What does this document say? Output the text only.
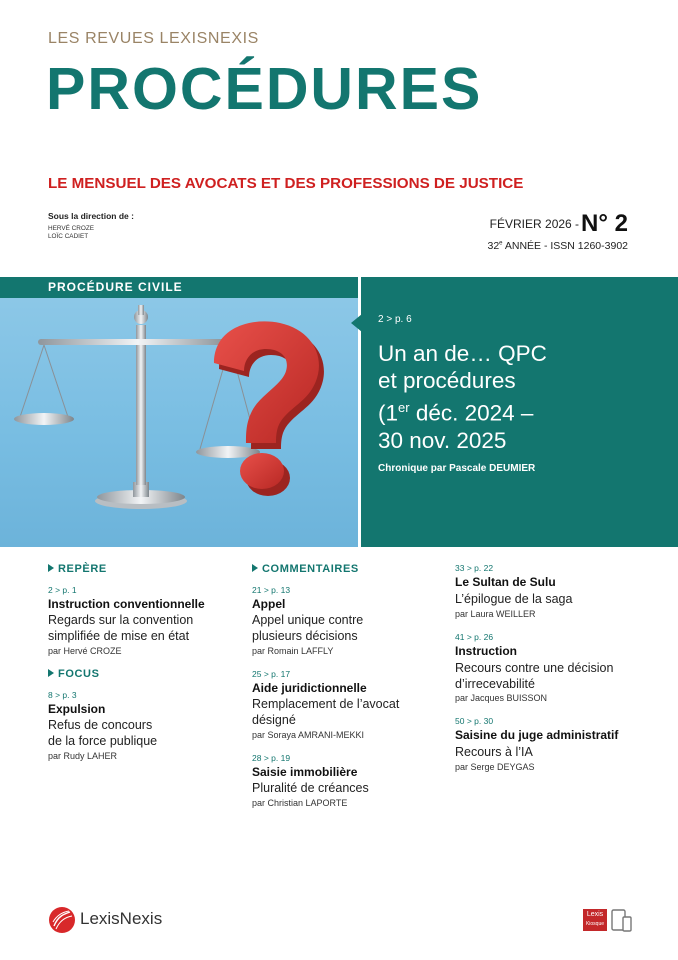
LES REVUES LEXISNEXIS
PROCÉDURES
LE MENSUEL DES AVOCATS ET DES PROFESSIONS DE JUSTICE
Sous la direction de :
HERVÉ CROZE
LOÏC CADIET
FÉVRIER 2026 -N° 2
32e ANNÉE - ISSN 1260-3902
PROCÉDURE CIVILE
2 > p. 6
Un an de… QPC
et procédures
(1er déc. 2024 –
30 nov. 2025
Chronique par Pascale DEUMIER
REPÈRE
2 > p. 1
Instruction conventionnelle
Regards sur la convention
simplifiée de mise en état
par Hervé CROZE
FOCUS
8 > p. 3
Expulsion
Refus de concours
de la force publique
par Rudy LAHER
COMMENTAIRES
21 > p. 13
Appel
Appel unique contre
plusieurs décisions
par Romain LAFFLY
25 > p. 17
Aide juridictionnelle
Remplacement de l’avocat
désigné
par Soraya AMRANI-MEKKI
28 > p. 19
Saisie immobilière
Pluralité de créances
par Christian LAPORTE
33 > p. 22
Le Sultan de Sulu
L’épilogue de la saga
par Laura WEILLER
41 > p. 26
Instruction
Recours contre une décision
d’irrecevabilité
par Jacques BUISSON
50 > p. 30
Saisine du juge administratif
Recours à l’IA
par Serge DEYGAS
LexisNexis	Lexis
Kiosque
